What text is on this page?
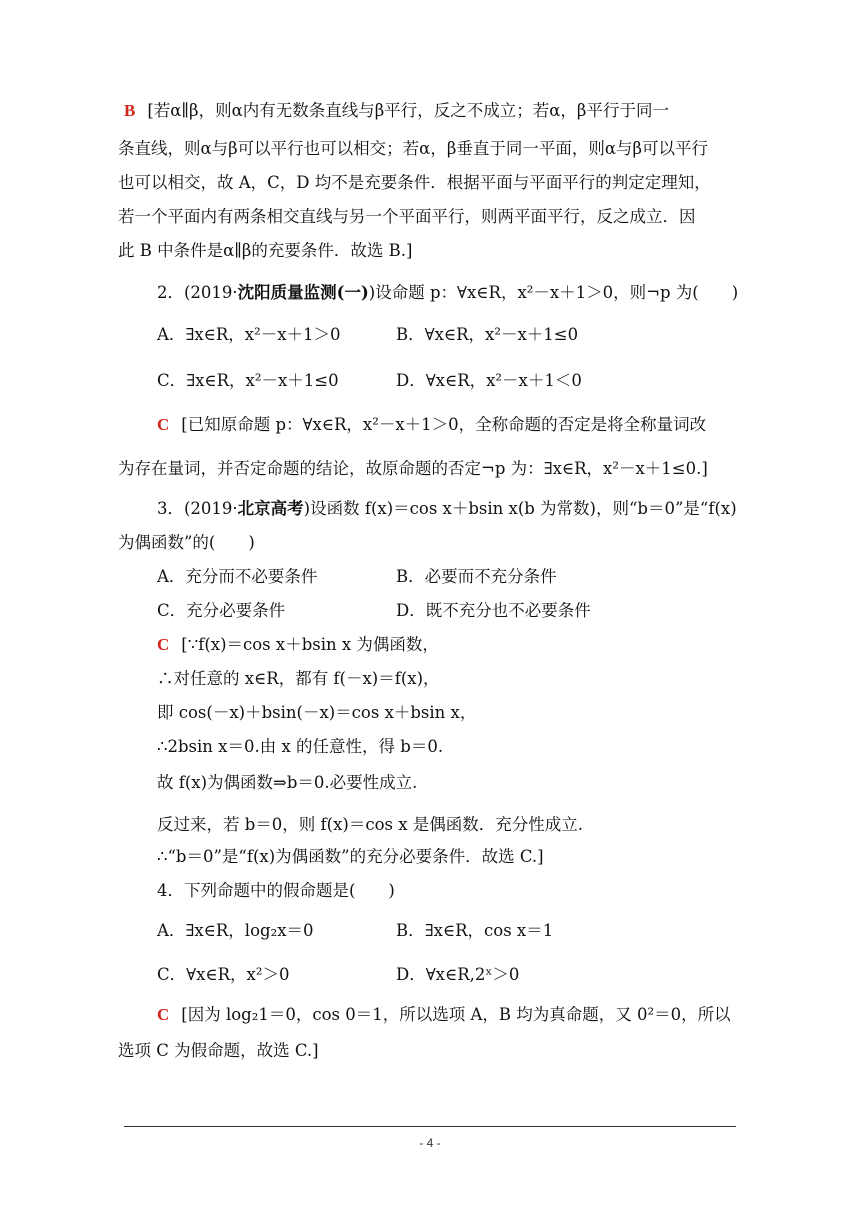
B [若α∥β，则α内有无数条直线与β平行，反之不成立；若α，β平行于同一
条直线，则α与β可以平行也可以相交；若α，β垂直于同一平面，则α与β可以平行
也可以相交，故 A，C，D 均不是充要条件．根据平面与平面平行的判定定理知，
若一个平面内有两条相交直线与另一个平面平行，则两平面平行，反之成立．因
此 B 中条件是α∥β的充要条件．故选 B.]
2．(2019·沈阳质量监测(一))设命题 p：∀x∈R，x²－x＋1＞0，则¬p 为(　　)
A．∃x∈R，x²－x＋1＞0	B．∀x∈R，x²－x＋1≤0
C．∃x∈R，x²－x＋1≤0	D．∀x∈R，x²－x＋1＜0
C [已知原命题 p：∀x∈R，x²－x＋1＞0，全称命题的否定是将全称量词改
为存在量词，并否定命题的结论，故原命题的否定¬p 为：∃x∈R，x²－x＋1≤0.]
3．(2019·北京高考)设函数 f(x)＝cos x＋bsin x(b 为常数)，则“b＝0”是“f(x)
为偶函数”的(　　)
A．充分而不必要条件	B．必要而不充分条件
C．充分必要条件	D．既不充分也不必要条件
C [∵f(x)＝cos x＋bsin x 为偶函数，
∴对任意的 x∈R，都有 f(－x)＝f(x)，
即 cos(－x)＋bsin(－x)＝cos x＋bsin x，
∴2bsin x＝0.由 x 的任意性，得 b＝0.
故 f(x)为偶函数⇒b＝0.必要性成立.
反过来，若 b＝0，则 f(x)＝cos x 是偶函数．充分性成立.
∴“b＝0”是“f(x)为偶函数”的充分必要条件．故选 C.]
4．下列命题中的假命题是(　　)
A．∃x∈R，log₂x＝0	B．∃x∈R，cos x＝1
C．∀x∈R，x²＞0	D．∀x∈R,2ˣ＞0
C [因为 log₂1＝0，cos 0＝1，所以选项 A，B 均为真命题，又 0²＝0，所以
选项 C 为假命题，故选 C.]
- 4 -
